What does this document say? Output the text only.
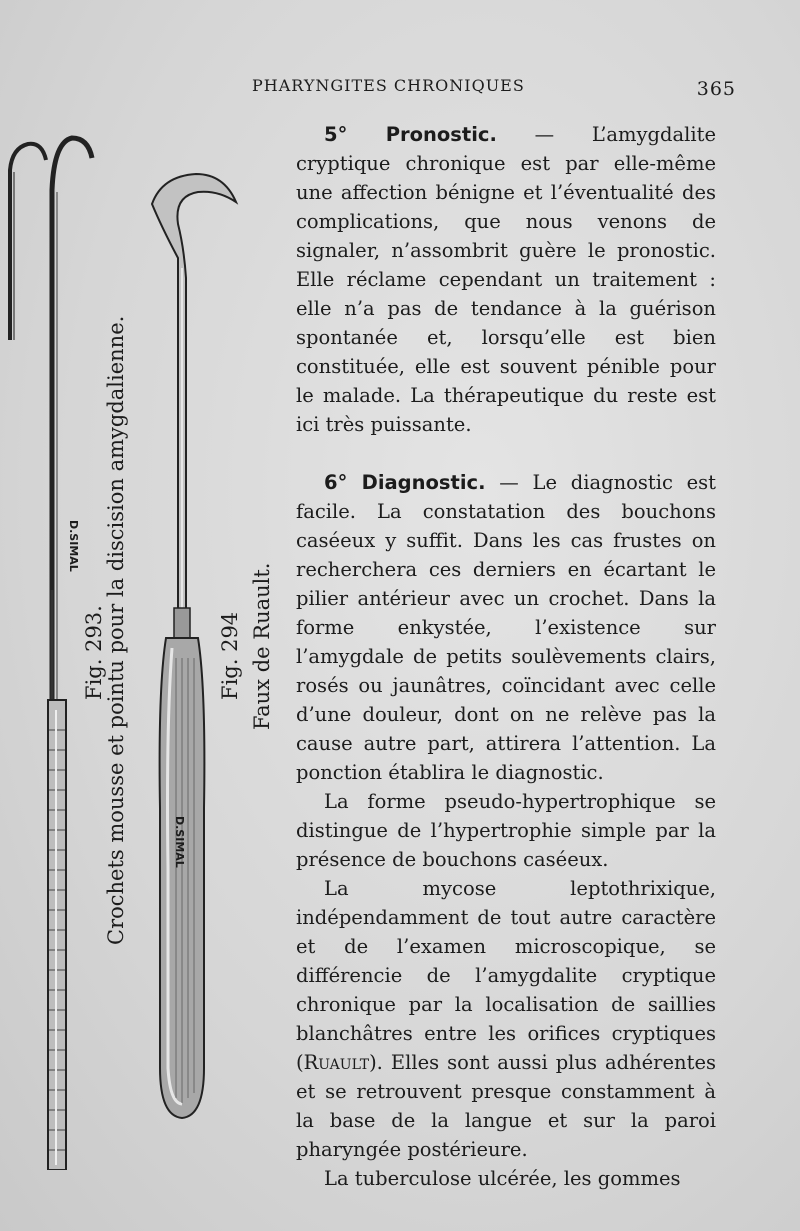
PHARYNGITES CHRONIQUES	365
Fig. 293.
Crochets mousse et pointu pour la discision amygdalienne.
D.SIMAL
Fig. 294 Faux de Ruault.
D.SIMAL

5° Pronostic. — L’amygdalite cryptique chronique est par elle-même une affection bénigne et l’éventualité des complications, que nous venons de signaler, n’assombrit guère le pronostic. Elle réclame cependant un traitement : elle n’a pas de tendance à la guérison spontanée et, lorsqu’elle est bien constituée, elle est souvent pénible pour le malade. La thérapeutique du reste est ici très puissante.

6° Diagnostic. — Le diagnostic est facile. La constatation des bouchons caséeux y suffit. Dans les cas frustes on recherchera ces derniers en écartant le pilier antérieur avec un crochet. Dans la forme enkystée, l’existence sur l’amygdale de petits soulèvements clairs, rosés ou jaunâtres, coïncidant avec celle d’une douleur, dont on ne relève pas la cause autre part, attirera l’attention. La ponction établira le diagnostic.

La forme pseudo-hypertrophique se distingue de l’hypertrophie simple par la présence de bouchons caséeux.

La mycose leptothrixique, indépendamment de tout autre caractère et de l’examen microscopique, se différencie de l’amygdalite cryptique chronique par la localisation de saillies blanchâtres entre les orifices cryptiques (Ruault). Elles sont aussi plus adhérentes et se retrouvent presque constamment à la base de la langue et sur la paroi pharyngée postérieure.

La tuberculose ulcérée, les gommes
